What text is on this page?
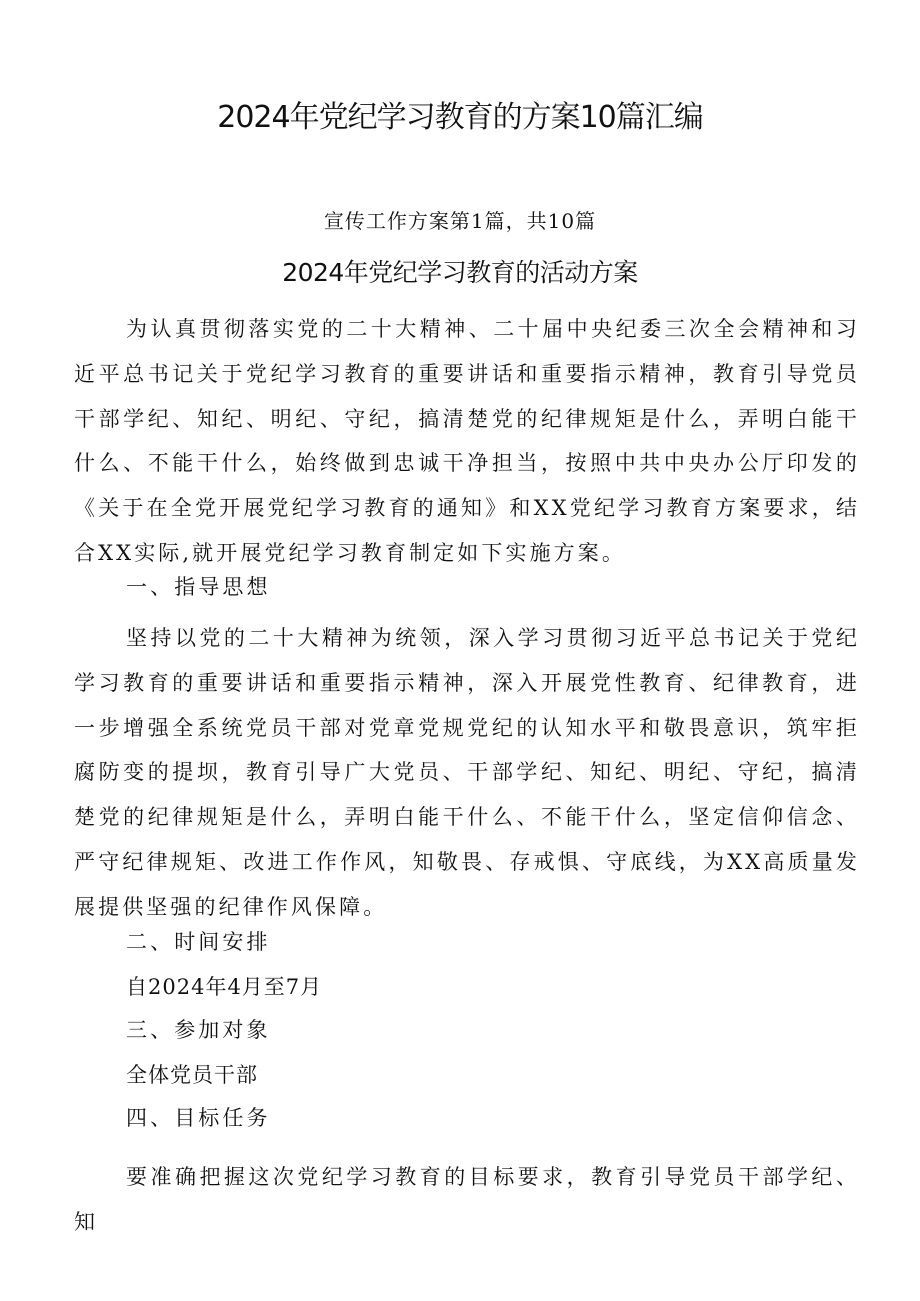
2024年党纪学习教育的方案10篇汇编
宣传工作方案第1篇，共10篇
2024年党纪学习教育的活动方案

为认真贯彻落实党的二十大精神、二十届中央纪委三次全会精神和习近平总书记关于党纪学习教育的重要讲话和重要指示精神，教育引导党员干部学纪、知纪、明纪、守纪，搞清楚党的纪律规矩是什么，弄明白能干什么、不能干什么，始终做到忠诚干净担当，按照中共中央办公厅印发的《关于在全党开展党纪学习教育的通知》和XX党纪学习教育方案要求，结合XX实际,就开展党纪学习教育制定如下实施方案。

一、指导思想

坚持以党的二十大精神为统领，深入学习贯彻习近平总书记关于党纪学习教育的重要讲话和重要指示精神，深入开展党性教育、纪律教育，进一步增强全系统党员干部对党章党规党纪的认知水平和敬畏意识，筑牢拒腐防变的提坝，教育引导广大党员、干部学纪、知纪、明纪、守纪，搞清楚党的纪律规矩是什么，弄明白能干什么、不能干什么，坚定信仰信念、严守纪律规矩、改进工作作风，知敬畏、存戒惧、守底线，为XX高质量发展提供坚强的纪律作风保障。

二、时间安排

自2024年4月至7月

三、参加对象

全体党员干部

四、目标任务

要准确把握这次党纪学习教育的目标要求，教育引导党员干部学纪、知
